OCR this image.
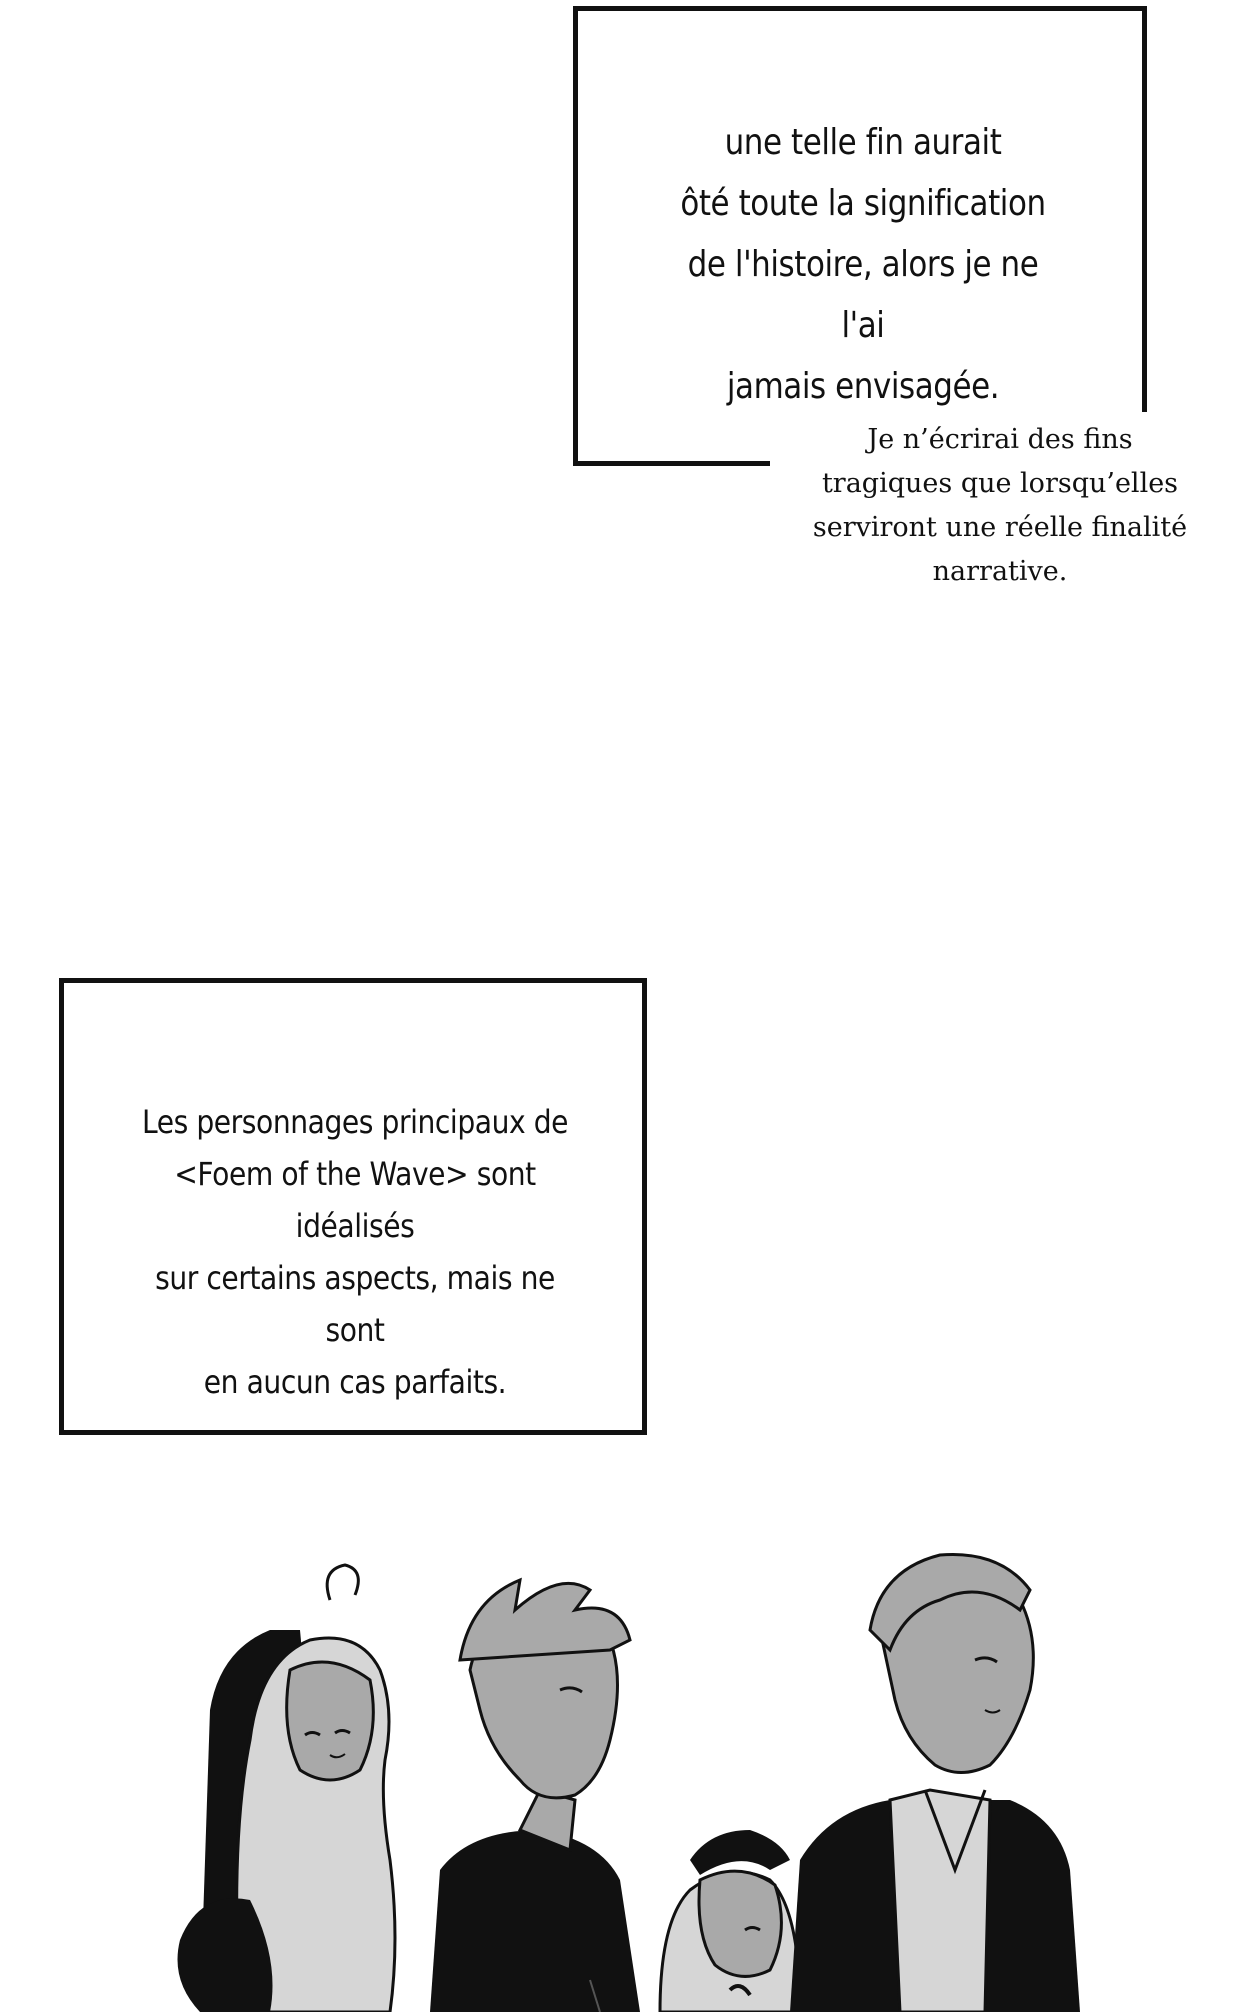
une telle fin aurait
ôté toute la signification
de l'histoire, alors je ne l'ai
jamais envisagée.
Je n’écrirai des fins
tragiques que lorsqu’elles
serviront une réelle finalité
narrative.
Les personnages principaux de
<Foem of the Wave> sont idéalisés
sur certains aspects, mais ne sont
en aucun cas parfaits.
